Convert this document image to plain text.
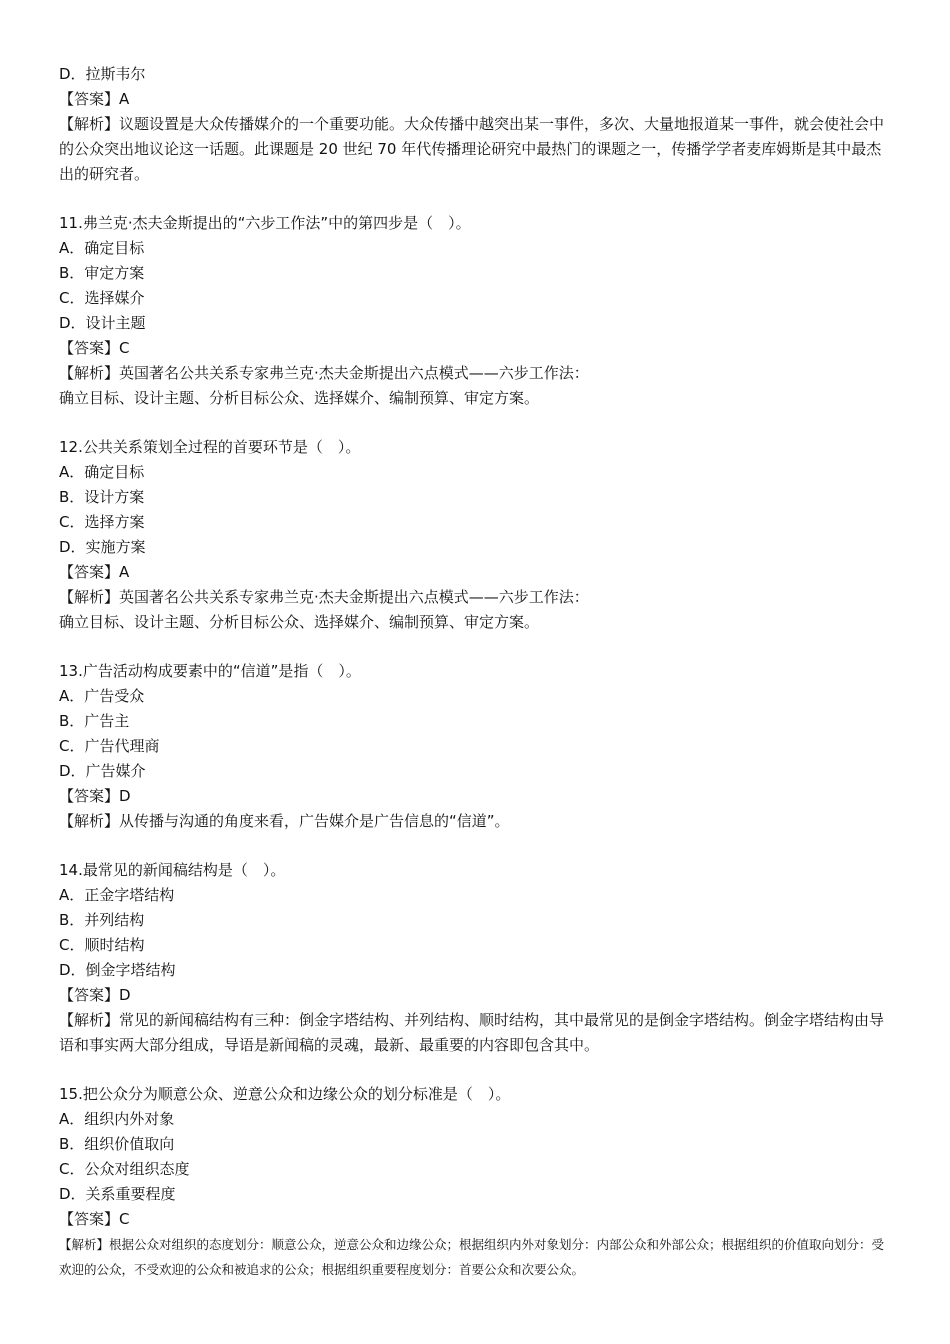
D．拉斯韦尔
【答案】A
【解析】议题设置是大众传播媒介的一个重要功能。大众传播中越突出某一事件，多次、大量地报道某一事件，就会使社会中的公众突出地议论这一话题。此课题是 20 世纪 70 年代传播理论研究中最热门的课题之一，传播学学者麦库姆斯是其中最杰出的研究者。
11.弗兰克·杰夫金斯提出的“六步工作法”中的第四步是（　）。
A．确定目标
B．审定方案
C．选择媒介
D．设计主题
【答案】C
【解析】英国著名公共关系专家弗兰克·杰夫金斯提出六点模式——六步工作法：
确立目标、设计主题、分析目标公众、选择媒介、编制预算、审定方案。
12.公共关系策划全过程的首要环节是（　）。
A．确定目标
B．设计方案
C．选择方案
D．实施方案
【答案】A
【解析】英国著名公共关系专家弗兰克·杰夫金斯提出六点模式——六步工作法：
确立目标、设计主题、分析目标公众、选择媒介、编制预算、审定方案。
13.广告活动构成要素中的“信道”是指（　）。
A．广告受众
B．广告主
C．广告代理商
D．广告媒介
【答案】D
【解析】从传播与沟通的角度来看，广告媒介是广告信息的“信道”。
14.最常见的新闻稿结构是（　）。
A．正金字塔结构
B．并列结构
C．顺时结构
D．倒金字塔结构
【答案】D
【解析】常见的新闻稿结构有三种：倒金字塔结构、并列结构、顺时结构，其中最常见的是倒金字塔结构。倒金字塔结构由导语和事实两大部分组成，导语是新闻稿的灵魂，最新、最重要的内容即包含其中。
15.把公众分为顺意公众、逆意公众和边缘公众的划分标准是（　）。
A．组织内外对象
B．组织价值取向
C．公众对组织态度
D．关系重要程度
【答案】C
【解析】根据公众对组织的态度划分：顺意公众，逆意公众和边缘公众；根据组织内外对象划分：内部公众和外部公众；根据组织的价值取向划分：受欢迎的公众，不受欢迎的公众和被追求的公众；根据组织重要程度划分：首要公众和次要公众。
